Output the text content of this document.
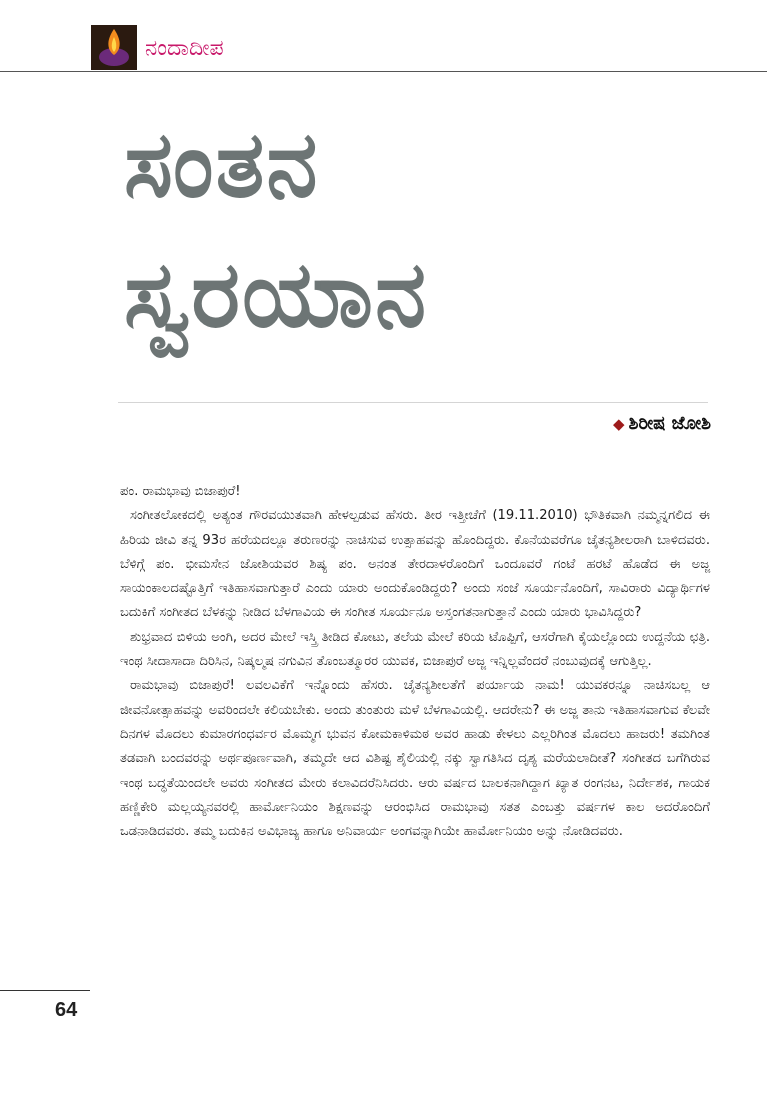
ನಂದಾದೀಪ
ಸಂತನ
ಸ್ವರಯಾನ
◆ ಶಿರೀಷ ಜೋಶಿ

ಪಂ. ರಾಮಭಾವು ಬಿಜಾಪುರೆ!

ಸಂಗೀತಲೋಕದಲ್ಲಿ ಅತ್ಯಂತ ಗೌರವಯುತವಾಗಿ ಹೇಳಲ್ಪಡುವ ಹೆಸರು. ತೀರ ಇತ್ತೀಚೆಗೆ (19.11.2010) ಭೌತಿಕವಾಗಿ ನಮ್ಮನ್ನಗಲಿದ ಈ ಹಿರಿಯ ಜೀವಿ ತನ್ನ 93ರ ಹರೆಯದಲ್ಲೂ ತರುಣರನ್ನು ನಾಚಿಸುವ ಉತ್ಸಾಹವನ್ನು ಹೊಂದಿದ್ದರು. ಕೊನೆಯವರೆಗೂ ಚೈತನ್ಯಶೀಲರಾಗಿ ಬಾಳಿದವರು. ಬೆಳಿಗ್ಗೆ ಪಂ. ಭೀಮಸೇನ ಜೋಶಿಯವರ ಶಿಷ್ಯ ಪಂ. ಅನಂತ ತೇರದಾಳರೊಂದಿಗೆ ಒಂದೂವರೆ ಗಂಟೆ ಹರಟೆ ಹೊಡೆದ ಈ ಅಜ್ಜ ಸಾಯಂಕಾಲದಷ್ಟೊತ್ತಿಗೆ ಇತಿಹಾಸವಾಗುತ್ತಾರೆ ಎಂದು ಯಾರು ಅಂದುಕೊಂಡಿದ್ದರು? ಅಂದು ಸಂಜೆ ಸೂರ್ಯನೊಂದಿಗೆ, ಸಾವಿರಾರು ವಿದ್ಯಾರ್ಥಿಗಳ ಬದುಕಿಗೆ ಸಂಗೀತದ ಬೆಳಕನ್ನು ನೀಡಿದ ಬೆಳಗಾವಿಯ ಈ ಸಂಗೀತ ಸೂರ್ಯನೂ ಅಸ್ತಂಗತನಾಗುತ್ತಾನೆ ಎಂದು ಯಾರು ಭಾವಿಸಿದ್ದರು?

ಶುಭ್ರವಾದ ಬಿಳಿಯ ಅಂಗಿ, ಅದರ ಮೇಲೆ ಇಸ್ತ್ರಿ ತೀಡಿದ ಕೋಟು, ತಲೆಯ ಮೇಲೆ ಕರಿಯ ಟೊಪ್ಪಿಗೆ, ಆಸರೆಗಾಗಿ ಕೈಯಲ್ಲೊಂದು ಉದ್ದನೆಯ ಛತ್ರಿ. ಇಂಥ ಸೀದಾಸಾದಾ ದಿರಿಸಿನ, ನಿಷ್ಕಲ್ಮಷ ನಗುವಿನ ತೊಂಬತ್ಮೂರರ ಯುವಕ, ಬಿಜಾಪುರೆ ಅಜ್ಜ ಇನ್ನಿಲ್ಲವೆಂದರೆ ನಂಬುವುದಕ್ಕೆ ಆಗುತ್ತಿಲ್ಲ.

ರಾಮಭಾವು ಬಿಜಾಪುರೆ! ಲವಲವಿಕೆಗೆ ಇನ್ನೊಂದು ಹೆಸರು. ಚೈತನ್ಯಶೀಲತೆಗೆ ಪರ್ಯಾಯ ನಾಮ! ಯುವಕರನ್ನೂ ನಾಚಿಸಬಲ್ಲ ಆ ಜೀವನೋತ್ಸಾಹವನ್ನು ಅವರಿಂದಲೇ ಕಲಿಯಬೇಕು. ಅಂದು ತುಂತುರು ಮಳೆ ಬೆಳಗಾವಿಯಲ್ಲಿ. ಆದರೇನು? ಈ ಅಜ್ಜ ತಾನು ಇತಿಹಾಸವಾಗುವ ಕೆಲವೇ ದಿನಗಳ ಮೊದಲು ಕುಮಾರಗಂಧರ್ವರ ಮೊಮ್ಮಗ ಭುವನ ಕೋಮಕಾಳಿಮಠ ಅವರ ಹಾಡು ಕೇಳಲು ಎಲ್ಲರಿಗಿಂತ ಮೊದಲು ಹಾಜರು! ತಮಗಿಂತ ತಡವಾಗಿ ಬಂದವರನ್ನು ಅರ್ಥಪೂರ್ಣವಾಗಿ, ತಮ್ಮದೇ ಆದ ವಿಶಿಷ್ಟ ಶೈಲಿಯಲ್ಲಿ ನಕ್ಕು ಸ್ವಾಗತಿಸಿದ ದೃಶ್ಯ ಮರೆಯಲಾದೀತೆ? ಸಂಗೀತದ ಬಗೆಗಿರುವ ಇಂಥ ಬದ್ಧತೆಯಿಂದಲೇ ಅವರು ಸಂಗೀತದ ಮೇರು ಕಲಾವಿದರೆನಿಸಿದರು. ಆರು ವರ್ಷದ ಬಾಲಕನಾಗಿದ್ದಾಗ ಖ್ಯಾತ ರಂಗನಟ, ನಿರ್ದೇಶಕ, ಗಾಯಕ ಹಣ್ಣಿಕೇರಿ ಮಲ್ಲಯ್ಯನವರಲ್ಲಿ ಹಾರ್ಮೋನಿಯಂ ಶಿಕ್ಷಣವನ್ನು ಆರಂಭಿಸಿದ ರಾಮಭಾವು ಸತತ ಎಂಬತ್ತು ವರ್ಷಗಳ ಕಾಲ ಅದರೊಂದಿಗೆ ಒಡನಾಡಿದವರು. ತಮ್ಮ ಬದುಕಿನ ಅವಿಭಾಜ್ಯ ಹಾಗೂ ಅನಿವಾರ್ಯ ಅಂಗವನ್ನಾಗಿಯೇ ಹಾರ್ಮೋನಿಯಂ ಅನ್ನು ನೋಡಿದವರು.

64
